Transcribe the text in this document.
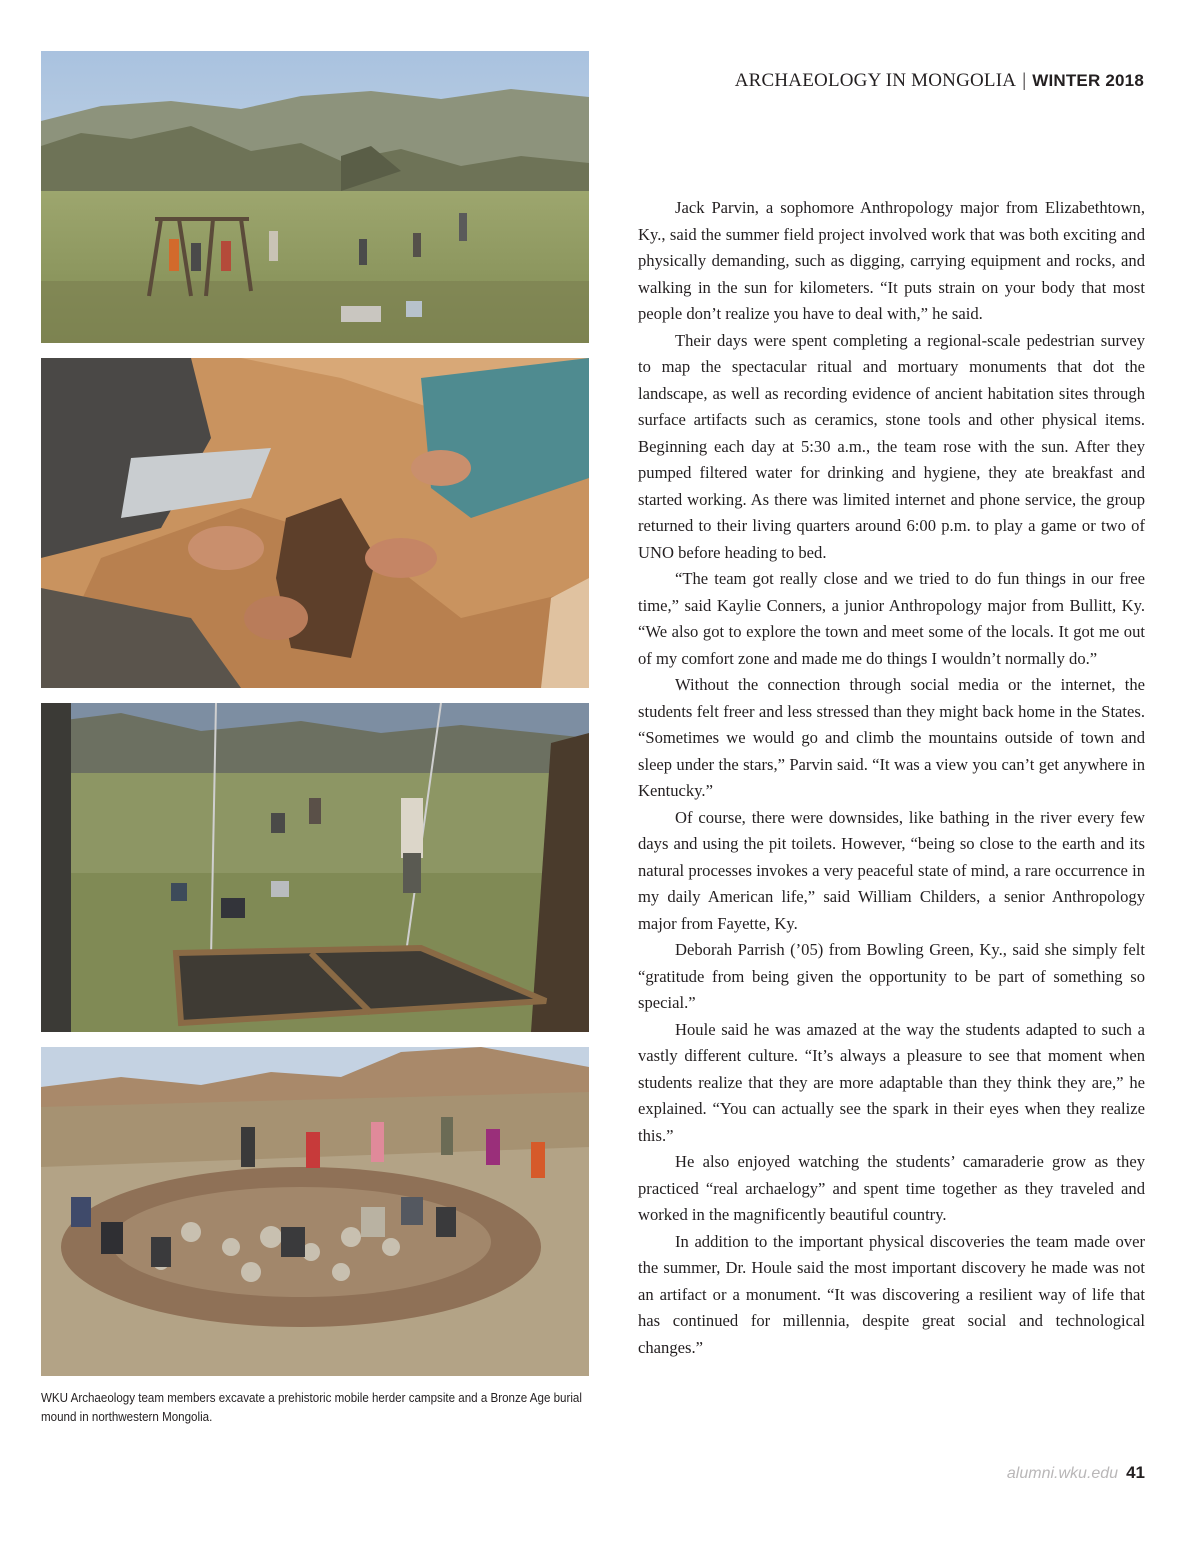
ARCHAEOLOGY IN MONGOLIA | WINTER 2018
WKU Archaeology team members excavate a prehistoric mobile herder campsite and a Bronze Age burial mound in northwestern Mongolia.

Jack Parvin, a sophomore Anthropology major from Elizabethtown, Ky., said the summer field project involved work that was both exciting and physically demanding, such as digging, carrying equipment and rocks, and walking in the sun for kilometers. “It puts strain on your body that most people don’t realize you have to deal with,” he said.

Their days were spent completing a regional-scale pedestrian survey to map the spectacular ritual and mortuary monuments that dot the landscape, as well as recording evidence of ancient habitation sites through surface artifacts such as ceramics, stone tools and other physical items. Beginning each day at 5:30 a.m., the team rose with the sun. After they pumped filtered water for drinking and hygiene, they ate breakfast and started working. As there was limited internet and phone service, the group returned to their living quarters around 6:00 p.m. to play a game or two of UNO before heading to bed.

“The team got really close and we tried to do fun things in our free time,” said Kaylie Conners, a junior Anthropology major from Bullitt, Ky. “We also got to explore the town and meet some of the locals. It got me out of my comfort zone and made me do things I wouldn’t normally do.”

Without the connection through social media or the internet, the students felt freer and less stressed than they might back home in the States. “Sometimes we would go and climb the mountains outside of town and sleep under the stars,” Parvin said. “It was a view you can’t get anywhere in Kentucky.”

Of course, there were downsides, like bathing in the river every few days and using the pit toilets. However, “being so close to the earth and its natural processes invokes a very peaceful state of mind, a rare occurrence in my daily American life,” said William Childers, a senior Anthropology major from Fayette, Ky.

Deborah Parrish (’05) from Bowling Green, Ky., said she simply felt “gratitude from being given the opportunity to be part of something so special.”

Houle said he was amazed at the way the students adapted to such a vastly different culture. “It’s always a pleasure to see that moment when students realize that they are more adaptable than they think they are,” he explained. “You can actually see the spark in their eyes when they realize this.”

He also enjoyed watching the students’ camaraderie grow as they practiced “real archaelogy” and spent time together as they traveled and worked in the magnificently beautiful country.

In addition to the important physical discoveries the team made over the summer, Dr. Houle said the most important discovery he made was not an artifact or a monument. “It was discovering a resilient way of life that has continued for millennia, despite great social and technological changes.”

alumni.wku.edu 41
